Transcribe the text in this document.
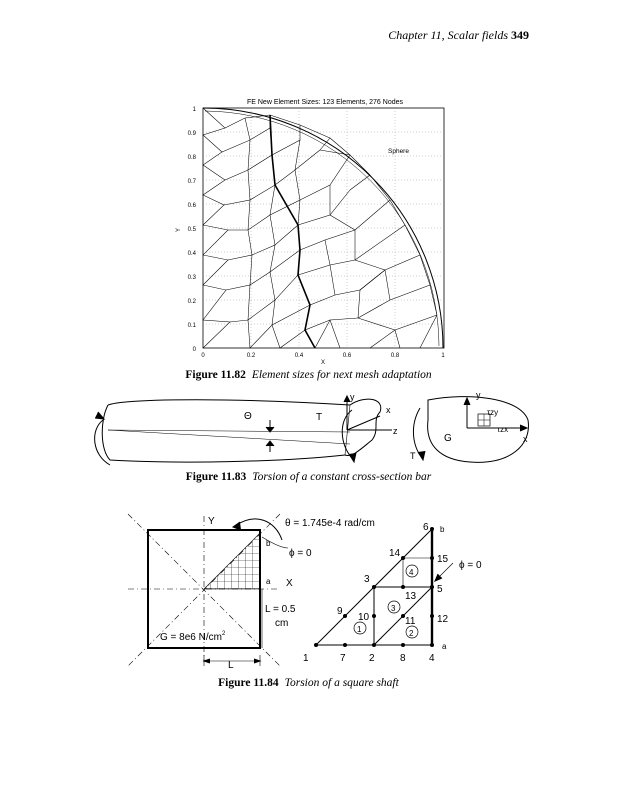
Chapter 11, Scalar fields 349
FE New Element Sizes: 123 Elements, 276 Nodes
1
0.9
0.8
0.7
0.6
0.5
0.4
0.3
0.2
0.1
0
0	0.2	0.4	0.6	0.8	1
X
Y
Sphere
Figure 11.82 Element sizes for next mesh adaptation
Θ	T
y
x
z
y
x
τzy
τzx
G
T
Figure 11.83 Torsion of a constant cross-section bar
Y
b
a X
θ = 1.745e-4 rad/cm
ϕ = 0
L = 0.5
cm
G = 8e6 $N/cm^2$
L
6 b
14
15
ϕ = 0
3
4
5
13
9	3
10	11 12
1	2
a
1	7 2	8 4
Figure 11.84 Torsion of a square shaft
